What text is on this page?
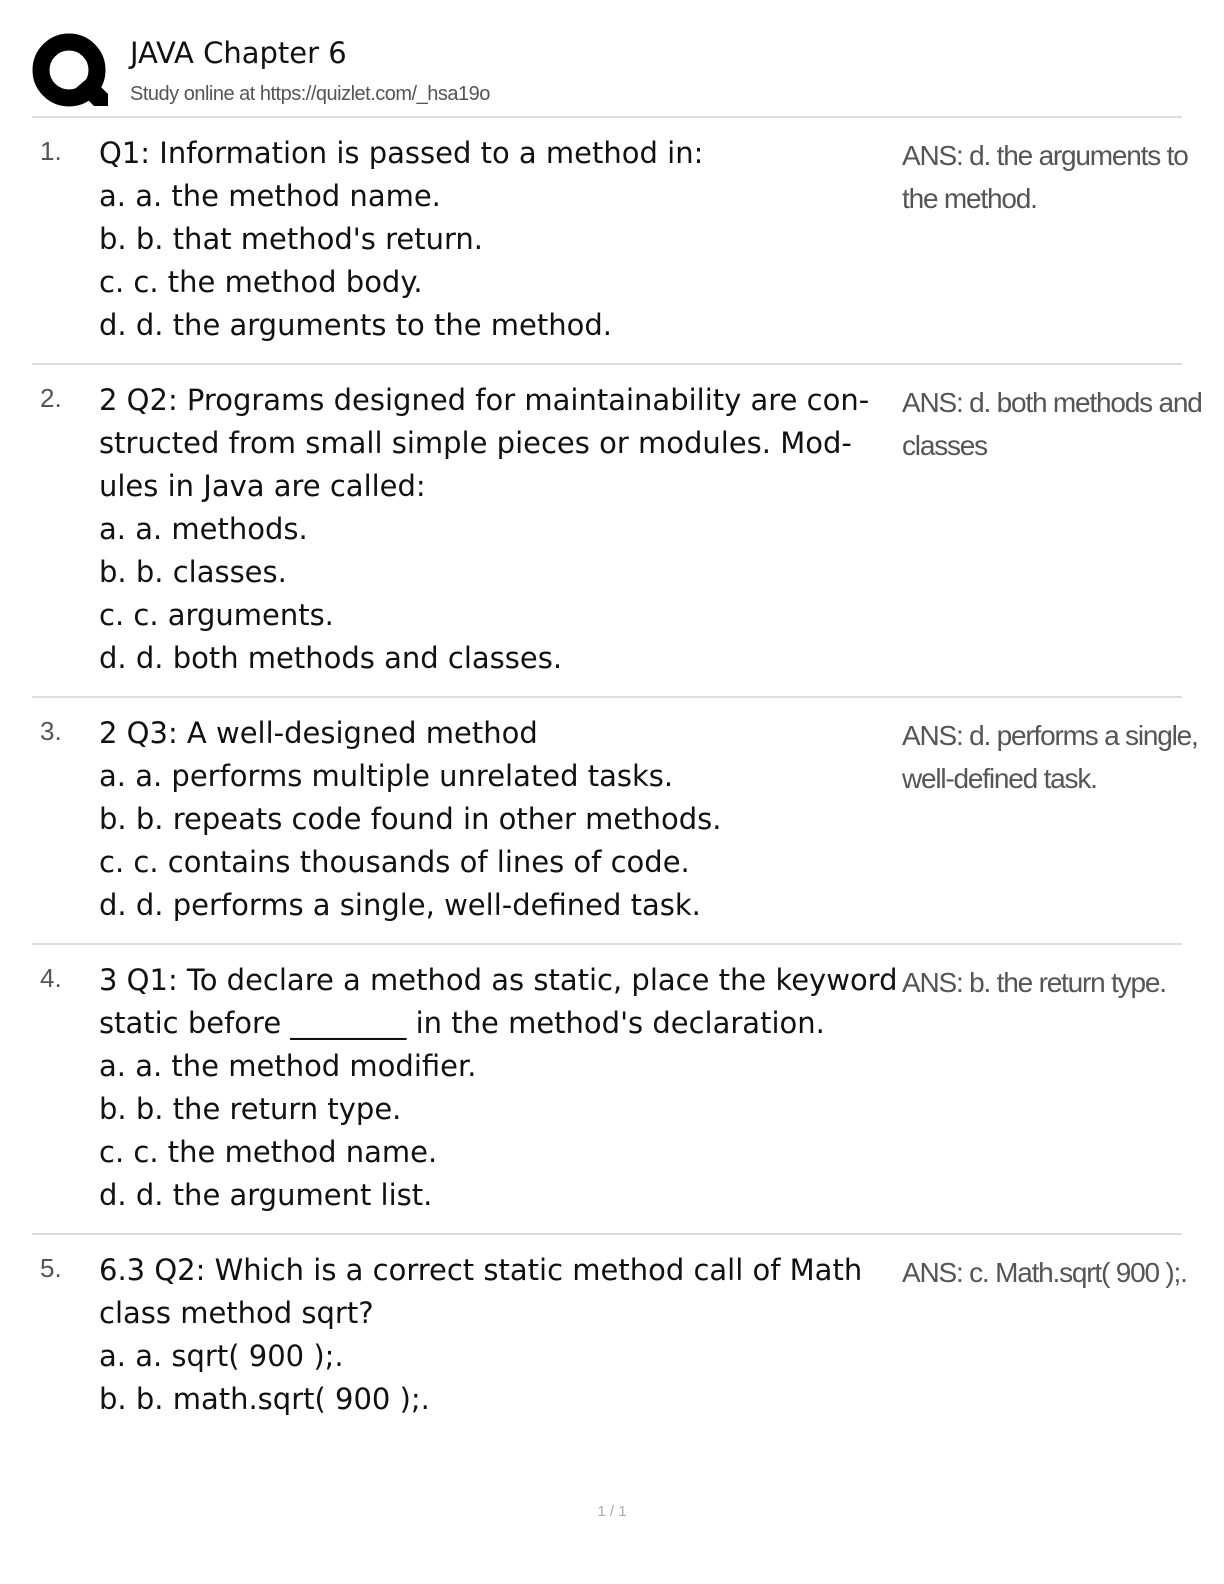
JAVA Chapter 6
Study online at https://quizlet.com/_hsa19o
1. Q1: Information is passed to a method in:
a. a. the method name.
b. b. that method's return.
c. c. the method body.
d. d. the arguments to the method.
ANS: d. the arguments to
the method.
2. 2 Q2: Programs designed for maintainability are con-
structed from small simple pieces or modules. Mod-
ules in Java are called:
a. a. methods.
b. b. classes.
c. c. arguments.
d. d. both methods and classes.
ANS: d. both methods and
classes
3. 2 Q3: A well-designed method
a. a. performs multiple unrelated tasks.
b. b. repeats code found in other methods.
c. c. contains thousands of lines of code.
d. d. performs a single, well-defined task.
ANS: d. performs a single,
well-defined task.
4. 3 Q1: To declare a method as static, place the keyword
static before ________ in the method's declaration.
a. a. the method modifier.
b. b. the return type.
c. c. the method name.
d. d. the argument list.
ANS: b. the return type.
5. 6.3 Q2: Which is a correct static method call of Math
class method sqrt?
a. a. sqrt( 900 );.
b. b. math.sqrt( 900 );.
ANS: c. Math.sqrt( 900 );.
1 / 1
